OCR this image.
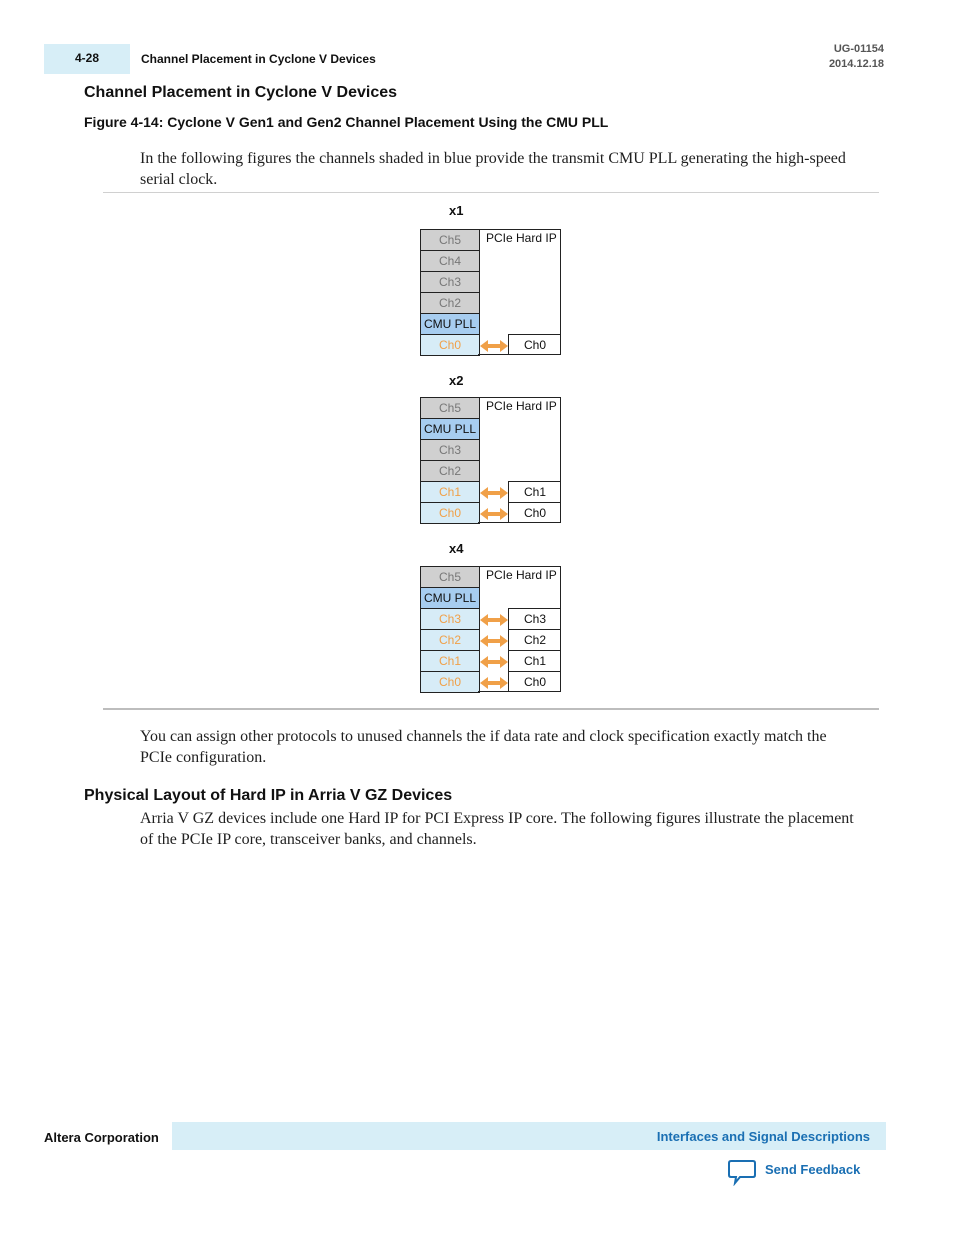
4-28	Channel Placement in Cyclone V Devices
UG-01154
2014.12.18
Channel Placement in Cyclone V Devices
Figure 4-14: Cyclone V Gen1 and Gen2 Channel Placement Using the CMU PLL
In the following figures the channels shaded in blue provide the transmit CMU PLL generating the high-speed serial clock.
x1
Ch5
Ch4
Ch3
Ch2
CMU PLL
Ch0
PCIe Hard IP
Ch0
x2
Ch5
CMU PLL
Ch3
Ch2
Ch1
Ch0
PCIe Hard IP
Ch1
Ch0
x4
Ch5
CMU PLL
Ch3
Ch2
Ch1
Ch0
PCIe Hard IP
Ch3
Ch2
Ch1
Ch0
You can assign other protocols to unused channels the if data rate and clock specification exactly match the PCIe configuration.
Physical Layout of Hard IP in Arria V GZ Devices
Arria V GZ devices include one Hard IP for PCI Express IP core. The following figures illustrate the placement of the PCIe IP core, transceiver banks, and channels.
Altera Corporation	Interfaces and Signal Descriptions
Send Feedback
